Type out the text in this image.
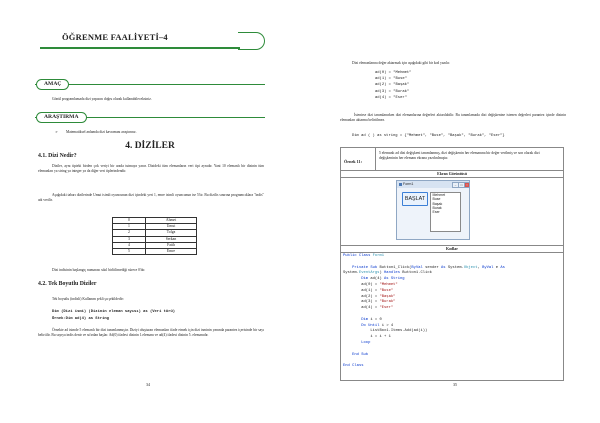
ÖĞRENME FAALİYETİ–4
AMAÇ
Gönül programlamada dizi yapısını doğru olarak kullanabileceksiniz.
ARAŞTIRMA
➢	Matematiksel anlamda dizi kavramını araştırınız.
4. DİZİLER
4.1. Dizi Nedir?
Diziler, aynı tipteki birden çok veriyi bir arada tutmaya yarar. Dizideki tüm elemanların veri tipi aynıdır. Yani 10 elemanlı bir dizinin tüm elemanları ya string ya integer ya da diğer veri tiplerindendir.
Aşağıdaki tabarı dizilerinde Umut isimli oyuncunun dizi içindeki yeri 1, emre isimli oyuncunun ise 5'tir. Bu dizilis sınırına programcıklara "indis" adı verilir.
0	Ahmet
1	Umut
2	Tolga
3	Serkan
4	Fatih
5	Emre
Dizi indisinin başlangıç numarası sıkıl birlitlimediği sürece 0'dır.
4.2. Tek Boyutlu Diziler
Tek boyutlu (indisli) Kullanım şekli şu şekildedir:
Dim (Dizi ismi) (Dizinin eleman sayısı) as (Veri türü)
Örnek:Dim ad(4) as String
Örnekte ad isimde 5 elemanlı bir dizi tanımlanmıştır. Diziyi oluşturan elemanları ifade etmek için dizi isminin yanında parantez içerisinde bir sayı belirtilir. Bu sayıya indis denir ve sıfırdan başlar. Ad(0) ifadesi dizinin 1.elemanı ve ad(4) ifadesi dizinin 5. elemanıdır.
34
Dizi elemanlarına değer aktarmak için aşağıdaki gibi bir kod yazılır.
ad(0) = "Mehmet"
ad(1) = "Buse"
ad(2) = "Başak"
ad(3) = "Burak"
ad(4) = "Eser"
İstenirse dizi tanımlanırken dizi elemanlarına değerleri aktarılabilir. Bu tanımlamada dizi değişkenine istenen değerleri parantez içinde dizinin elemanları aktarma belirtilmez.
Dim ad ( ) as string = {"Mehmet", "Buse", "Başak", "Burak", "Eser"}
Örnek 11:
5 elemanlı ad dizi değişkeni tanımlanmış, dizi değişkenin her elemanına bir değer verilmiş ve son olarak dizi değişkeninin her elemanı ekrana yazdırılmıştır.
Ekran Görüntüsü
Form1	–	□	×
BAŞLAT
Mehmet
Buse
Başak
Burak
Eser
Kodlar
Public Class Form1
Private Sub Button1_Click(ByVal sender As System.Object, ByVal e As
System.EventArgs) Handles Button1.Click
Dim ad(4) As String
ad(0) = "Mehmet"
ad(1) = "Buse"
ad(2) = "Başak"
ad(3) = "Burak"
ad(4) = "Eser"
Dim i = 0
Do Until i > 4
ListBox1.Items.Add(ad(i))
i = i + 1
Loop
End Sub
End Class
35
